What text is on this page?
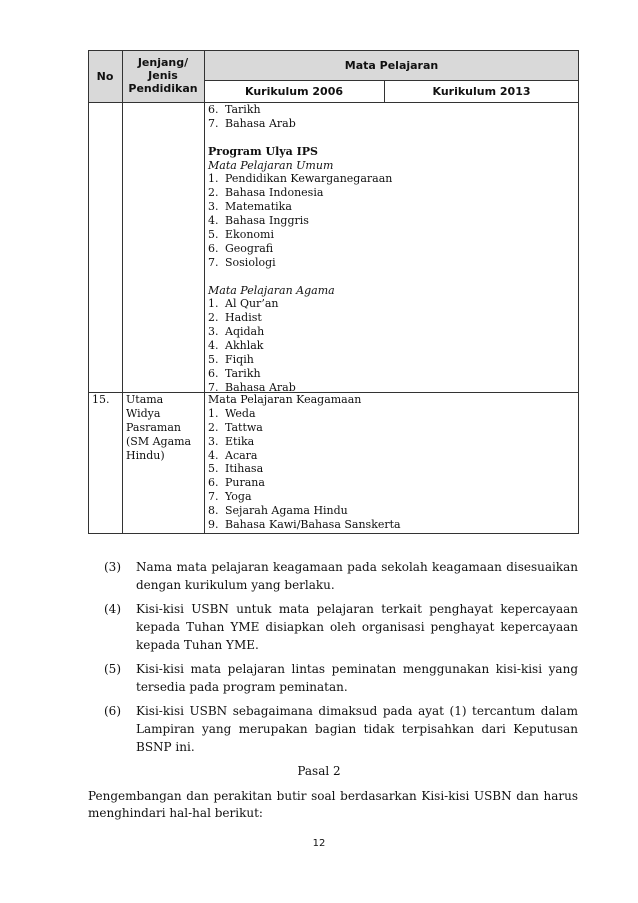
No
Jenjang/ Jenis Pendidikan
Mata Pelajaran
Kurikulum 2006	Kurikulum 2013
6. Tarikh
7. Bahasa Arab
Program Ulya IPS
Mata Pelajaran Umum
1. Pendidikan Kewarganegaraan
2. Bahasa Indonesia
3. Matematika
4. Bahasa Inggris
5. Ekonomi
6. Geografi
7. Sosiologi
Mata Pelajaran Agama
1. Al Qur’an
2. Hadist
3. Aqidah
4. Akhlak
5. Fiqih
6. Tarikh
7. Bahasa Arab
15. Utama
Widya
Pasraman
(SM Agama
Hindu)
Mata Pelajaran Keagamaan
1. Weda
2. Tattwa
3. Etika
4. Acara
5. Itihasa
6. Purana
7. Yoga
8. Sejarah Agama Hindu
9. Bahasa Kawi/Bahasa Sanskerta
(3) Nama mata pelajaran keagamaan pada sekolah keagamaan disesuaikan dengan kurikulum yang berlaku.
(4) Kisi-kisi USBN untuk mata pelajaran terkait penghayat kepercayaan kepada Tuhan YME disiapkan oleh organisasi penghayat kepercayaan kepada Tuhan YME.
(5) Kisi-kisi mata pelajaran lintas peminatan menggunakan kisi-kisi yang tersedia pada program peminatan.
(6) Kisi-kisi USBN sebagaimana dimaksud pada ayat (1) tercantum dalam Lampiran yang merupakan bagian tidak terpisahkan dari Keputusan BSNP ini.
Pasal 2
Pengembangan dan perakitan butir soal berdasarkan Kisi-kisi USBN dan harus menghindari hal-hal berikut:
12
